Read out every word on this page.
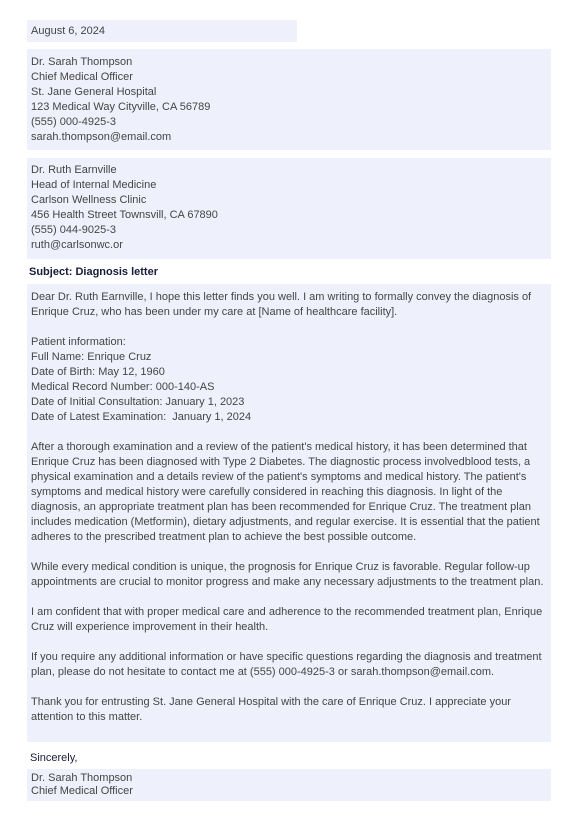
August 6, 2024
Dr. Sarah Thompson
Chief Medical Officer
St. Jane General Hospital
123 Medical Way Cityville, CA 56789
(555) 000-4925-3
sarah.thompson@email.com
Dr. Ruth Earnville
Head of Internal Medicine
Carlson Wellness Clinic
456 Health Street Townsvill, CA 67890
(555) 044-9025-3
ruth@carlsonwc.or
Subject: Diagnosis letter

Dear Dr. Ruth Earnville, I hope this letter finds you well. I am writing to formally convey the diagnosis of Enrique Cruz, who has been under my care at [Name of healthcare facility].

Patient information:
Full Name: Enrique Cruz
Date of Birth: May 12, 1960
Medical Record Number: 000-140-AS
Date of Initial Consultation: January 1, 2023
Date of Latest Examination:  January 1, 2024

After a thorough examination and a review of the patient's medical history, it has been determined that Enrique Cruz has been diagnosed with Type 2 Diabetes. The diagnostic process involvedblood tests, a physical examination and a details review of the patient's symptoms and medical history. The patient's symptoms and medical history were carefully considered in reaching this diagnosis. In light of the diagnosis, an appropriate treatment plan has been recommended for Enrique Cruz. The treatment plan includes medication (Metformin), dietary adjustments, and regular exercise. It is essential that the patient adheres to the prescribed treatment plan to achieve the best possible outcome.

While every medical condition is unique, the prognosis for Enrique Cruz is favorable. Regular follow-up appointments are crucial to monitor progress and make any necessary adjustments to the treatment plan.

I am confident that with proper medical care and adherence to the recommended treatment plan, Enrique Cruz will experience improvement in their health.

If you require any additional information or have specific questions regarding the diagnosis and treatment plan, please do not hesitate to contact me at (555) 000-4925-3 or sarah.thompson@email.com.

Thank you for entrusting St. Jane General Hospital with the care of Enrique Cruz. I appreciate your attention to this matter.

Sincerely,
Dr. Sarah Thompson
Chief Medical Officer
